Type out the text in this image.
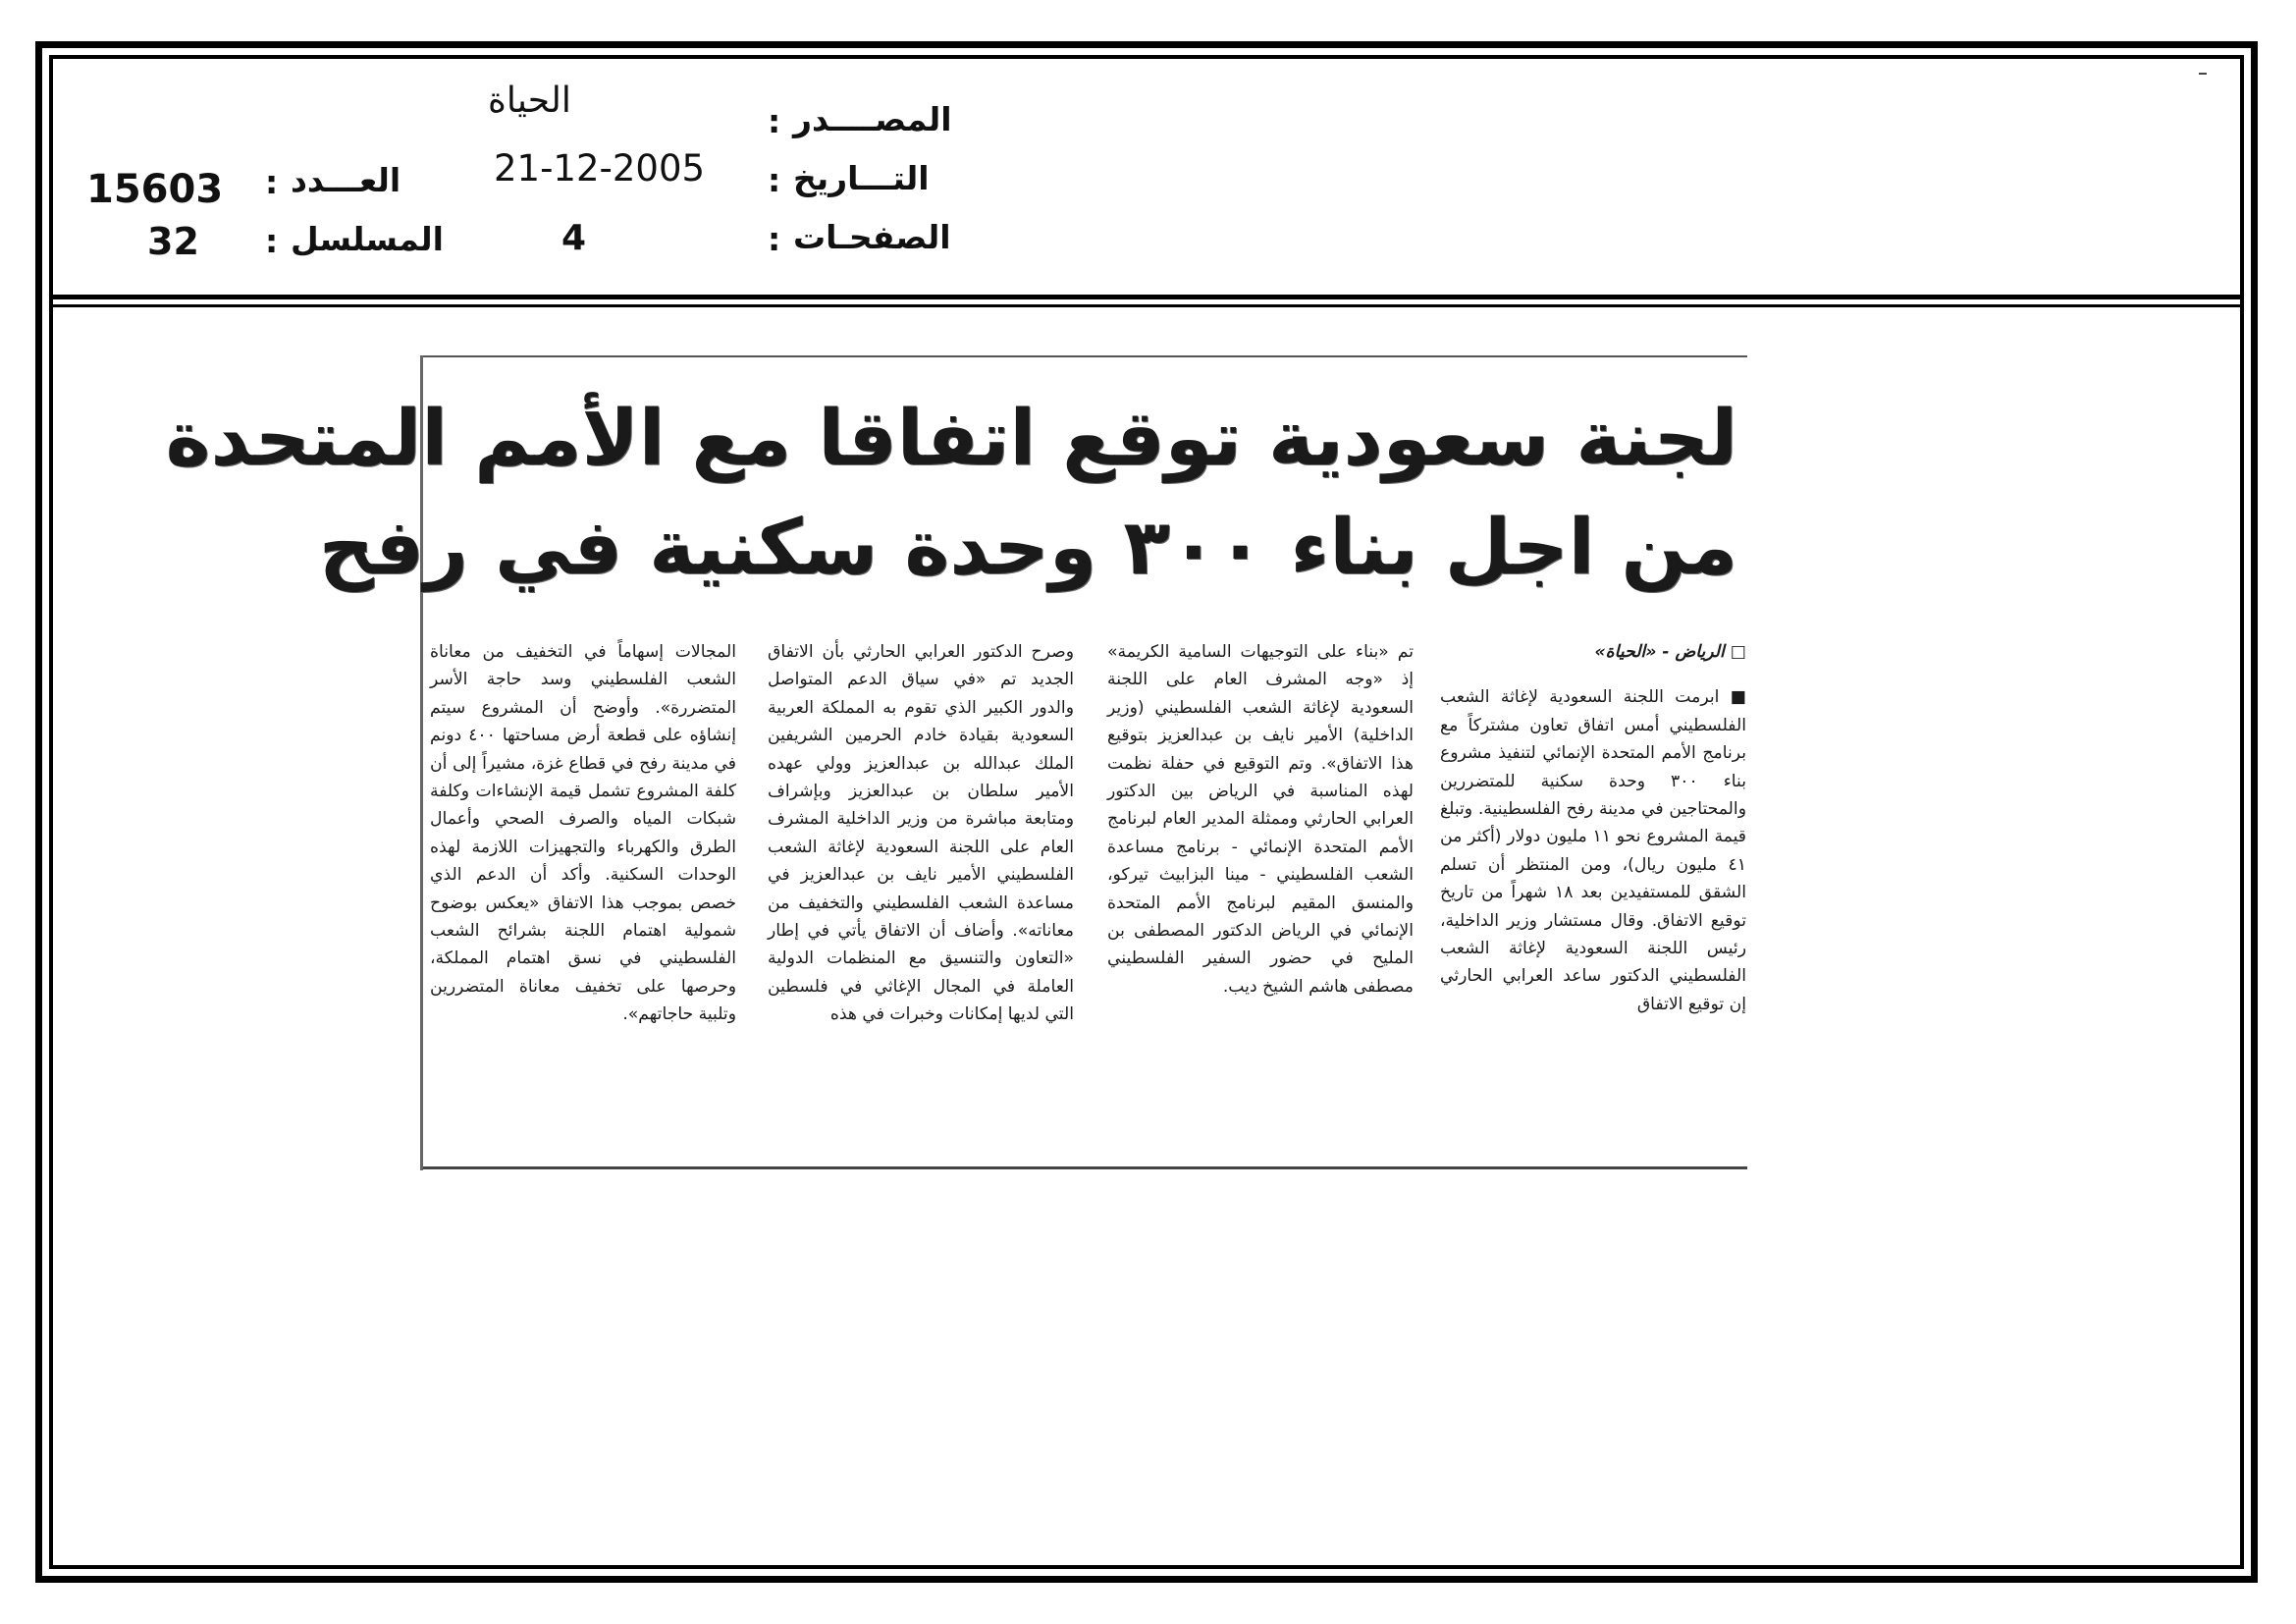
المصــــدر
:
الحياة
التـــاريخ
:
21-12-2005
الصفحـات
:
4
العـــدد
:
15603
المسلسل
:
32
لجنة سعودية توقع اتفاقا مع الأمم المتحدة
من اجل بناء ٣٠٠ وحدة سكنية في رفح

□ الرياض - «الحياة»

■ ابرمت اللجنة السعودية لإغاثة الشعب الفلسطيني أمس اتفاق تعاون مشتركاً مع برنامج الأمم المتحدة الإنمائي لتنفيذ مشروع بناء ٣٠٠ وحدة سكنية للمتضررين والمحتاجين في مدينة رفح الفلسطينية. وتبلغ قيمة المشروع نحو ١١ مليون دولار (أكثر من ٤١ مليون ريال)، ومن المنتظر أن تسلم الشقق للمستفيدين بعد ١٨ شهراً من تاريخ توقيع الاتفاق. وقال مستشار وزير الداخلية، رئيس اللجنة السعودية لإغاثة الشعب الفلسطيني الدكتور ساعد العرابي الحارثي إن توقيع الاتفاق

تم «بناء على التوجيهات السامية الكريمة» إذ «وجه المشرف العام على اللجنة السعودية لإغاثة الشعب الفلسطيني (وزير الداخلية) الأمير نايف بن عبدالعزيز بتوقيع هذا الاتفاق». وتم التوقيع في حفلة نظمت لهذه المناسبة في الرياض بين الدكتور العرابي الحارثي وممثلة المدير العام لبرنامج الأمم المتحدة الإنمائي - برنامج مساعدة الشعب الفلسطيني - مينا البزابيث تيركو، والمنسق المقيم لبرنامج الأمم المتحدة الإنمائي في الرياض الدكتور المصطفى بن المليح في حضور السفير الفلسطيني مصطفى هاشم الشيخ ديب.
وصرح الدكتور العرابي الحارثي بأن الاتفاق الجديد تم «في سياق الدعم المتواصل والدور الكبير الذي تقوم به المملكة العربية السعودية بقيادة خادم الحرمين الشريفين الملك عبدالله بن عبدالعزيز وولي عهده الأمير سلطان بن عبدالعزيز وبإشراف ومتابعة مباشرة من وزير الداخلية المشرف العام على اللجنة السعودية لإغاثة الشعب الفلسطيني الأمير نايف بن عبدالعزيز في مساعدة الشعب الفلسطيني والتخفيف من معاناته». وأضاف أن الاتفاق يأتي في إطار «التعاون والتنسيق مع المنظمات الدولية العاملة في المجال الإغاثي في فلسطين التي لديها إمكانات وخبرات في هذه
المجالات إسهاماً في التخفيف من معاناة الشعب الفلسطيني وسد حاجة الأسر المتضررة». وأوضح أن المشروع سيتم إنشاؤه على قطعة أرض مساحتها ٤٠٠ دونم في مدينة رفح في قطاع غزة، مشيراً إلى أن كلفة المشروع تشمل قيمة الإنشاءات وكلفة شبكات المياه والصرف الصحي وأعمال الطرق والكهرباء والتجهيزات اللازمة لهذه الوحدات السكنية. وأكد أن الدعم الذي خصص بموجب هذا الاتفاق «يعكس بوضوح شمولية اهتمام اللجنة بشرائح الشعب الفلسطيني في نسق اهتمام المملكة، وحرصها على تخفيف معاناة المتضررين وتلبية حاجاتهم».
